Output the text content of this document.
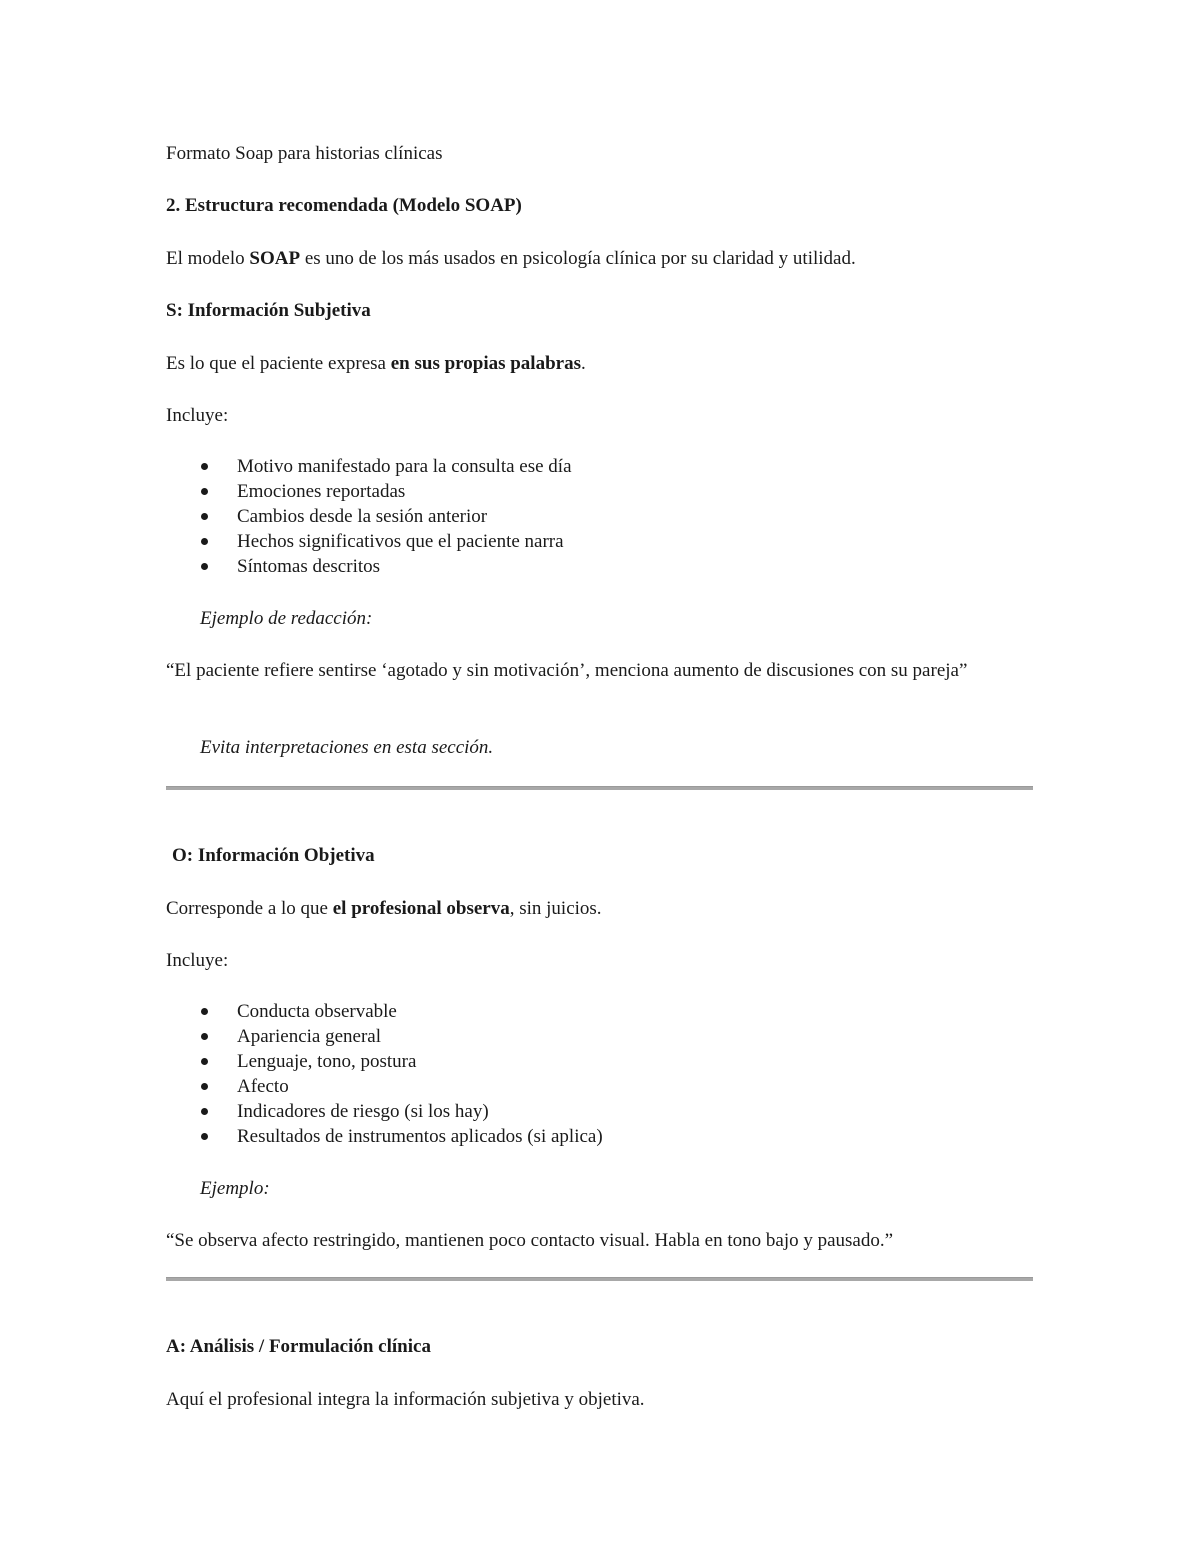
Formato Soap para historias clínicas

2. Estructura recomendada (Modelo SOAP)

El modelo SOAP es uno de los más usados en psicología clínica por su claridad y utilidad.

S: Información Subjetiva

Es lo que el paciente expresa en sus propias palabras.

Incluye:

Motivo manifestado para la consulta ese día
Emociones reportadas
Cambios desde la sesión anterior
Hechos significativos que el paciente narra
Síntomas descritos

Ejemplo de redacción:

“El paciente refiere sentirse ‘agotado y sin motivación’, menciona aumento de discusiones con su pareja”

Evita interpretaciones en esta sección.

O: Información Objetiva

Corresponde a lo que el profesional observa, sin juicios.

Incluye:

Conducta observable
Apariencia general
Lenguaje, tono, postura
Afecto
Indicadores de riesgo (si los hay)
Resultados de instrumentos aplicados (si aplica)

Ejemplo:

“Se observa afecto restringido, mantienen poco contacto visual. Habla en tono bajo y pausado.”

A: Análisis / Formulación clínica

Aquí el profesional integra la información subjetiva y objetiva.
